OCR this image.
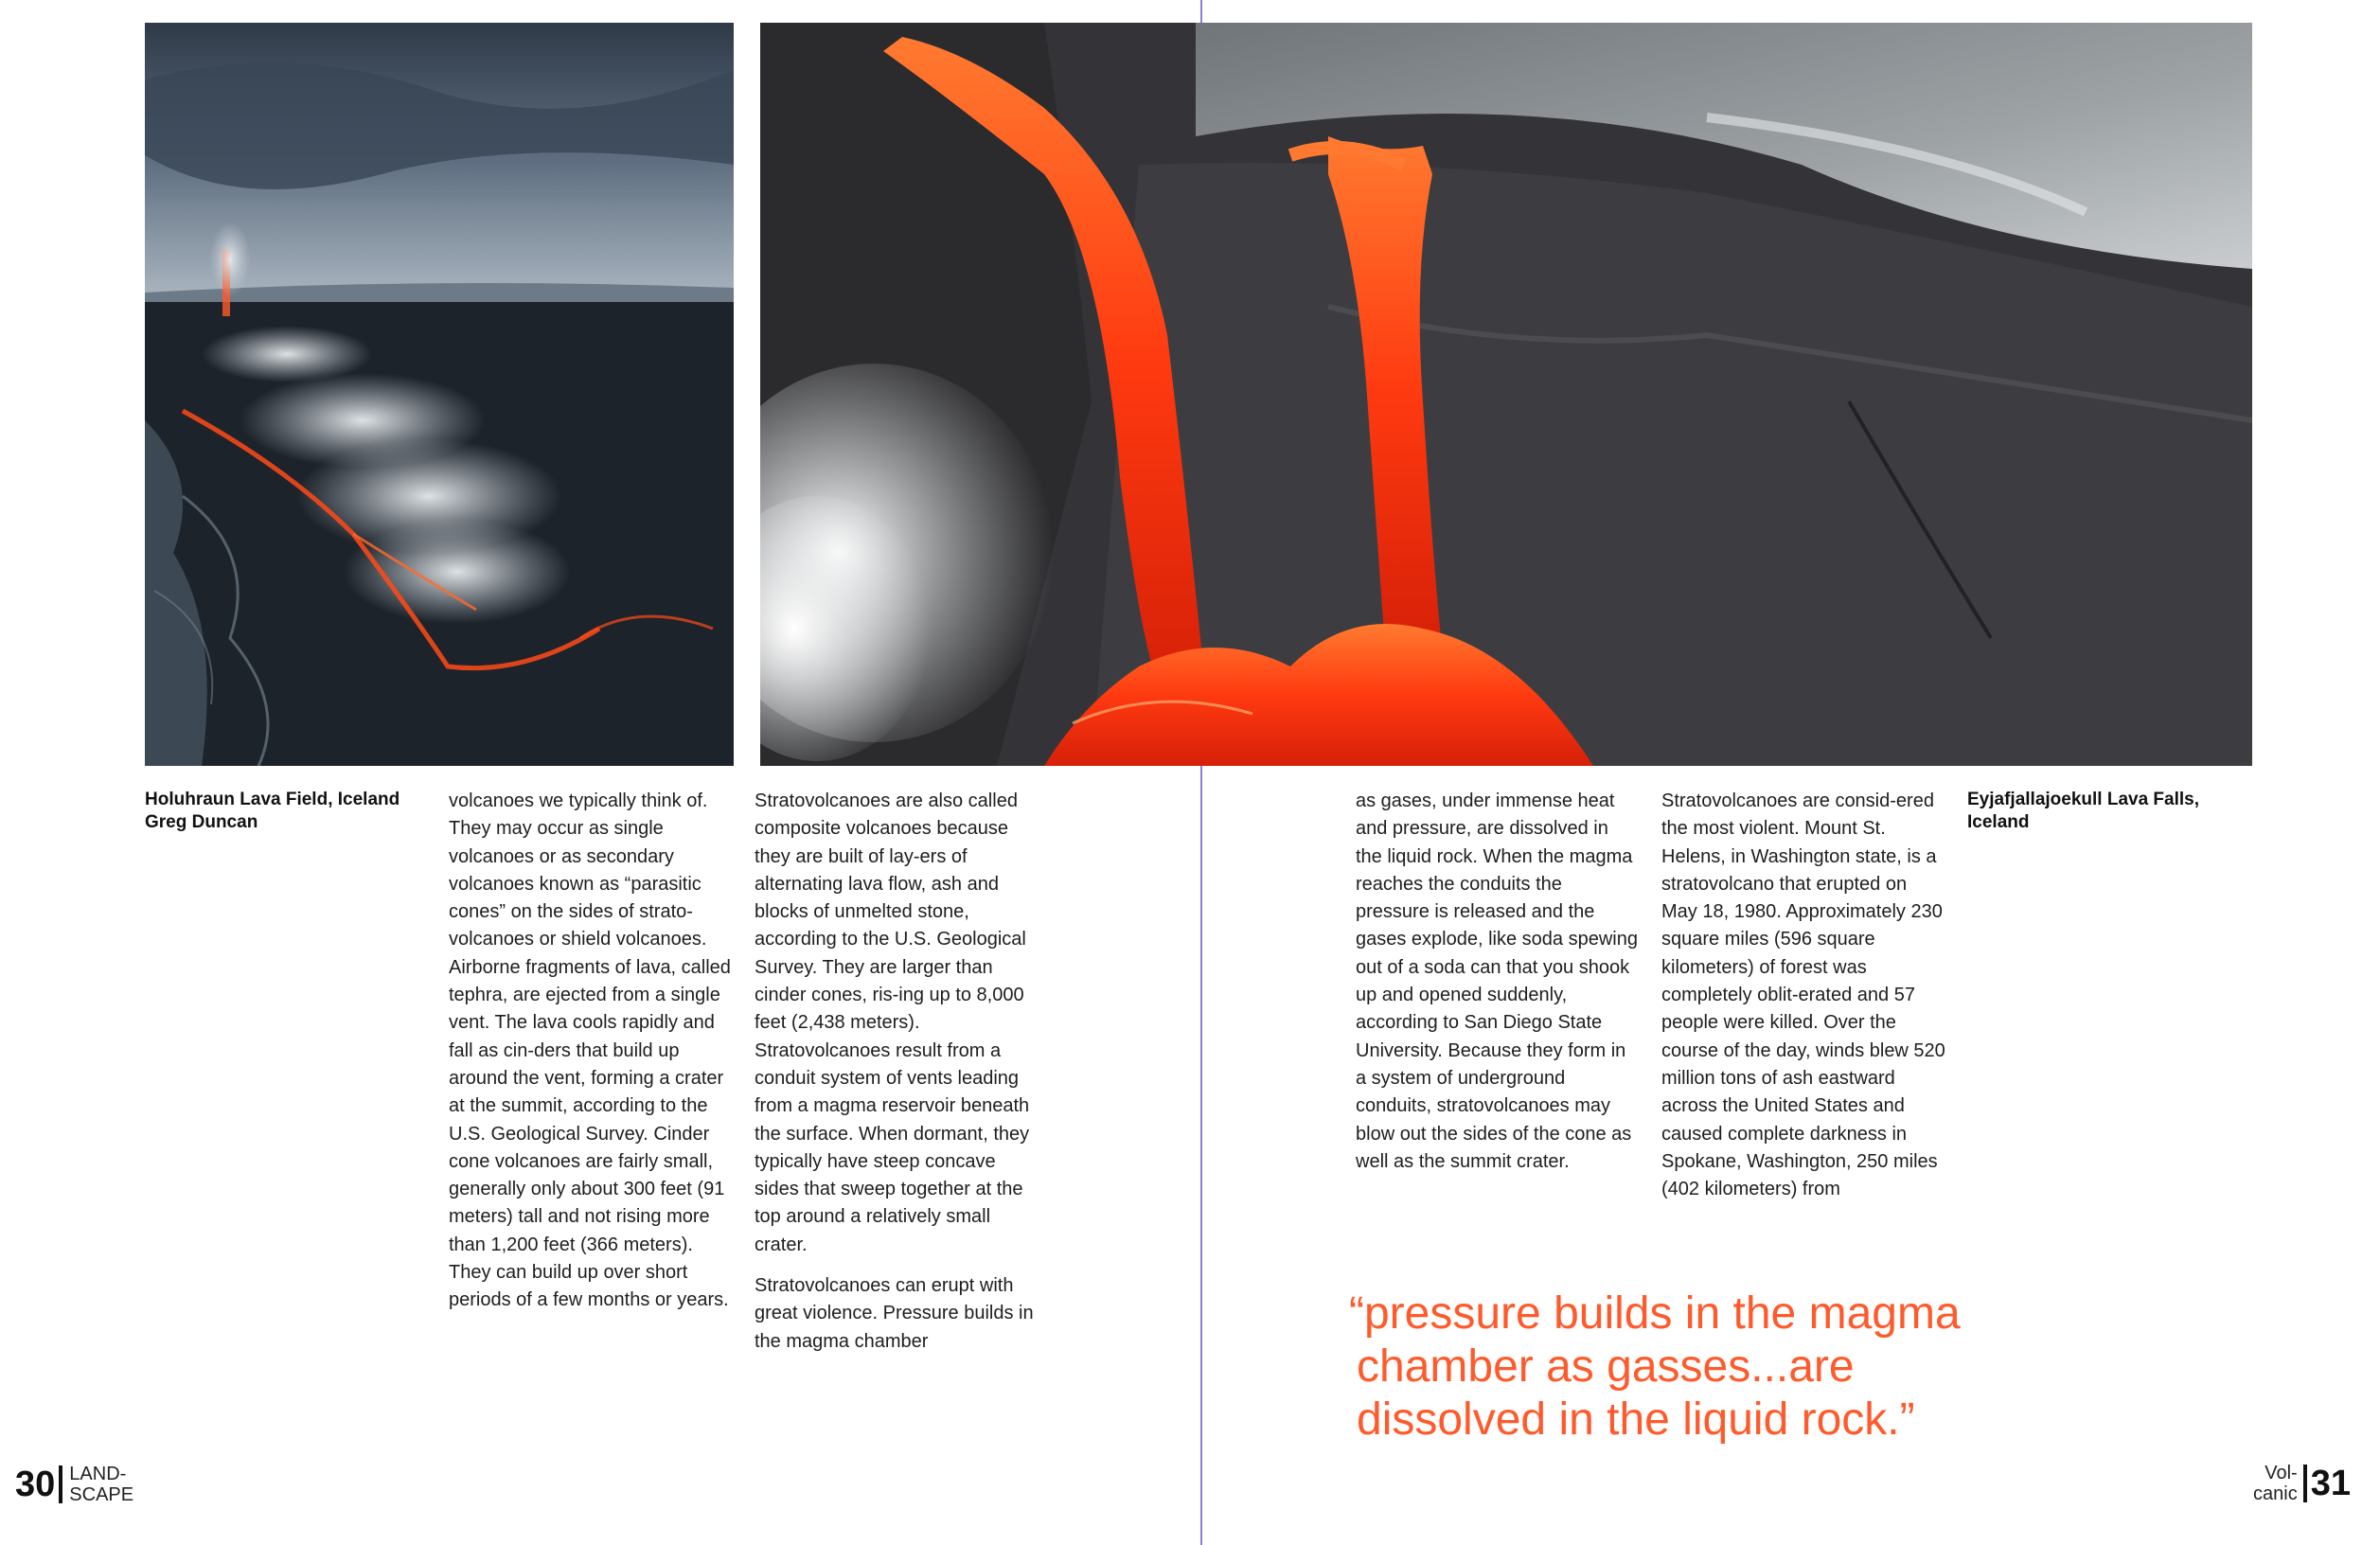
Holuhraun Lava Field, Iceland
Greg Duncan

volcanoes we typically think of. They may occur as single volcanoes or as secondary volcanoes known as “parasitic cones” on the sides of strato-volcanoes or shield volcanoes. Airborne fragments of lava, called tephra, are ejected from a single vent. The lava cools rapidly and fall as cin-ders that build up around the vent, forming a crater at the summit, according to the U.S. Geological Survey. Cinder cone volcanoes are fairly small, generally only about 300 feet (91 meters) tall and not rising more than 1,200 feet (366 meters). They can build up over short periods of a few months or years.

Stratovolcanoes are also called composite volcanoes because they are built of lay-ers of alternating lava flow, ash and blocks of unmelted stone, according to the U.S. Geological Survey. They are larger than cinder cones, ris-ing up to 8,000 feet (2,438 meters). Stratovolcanoes result from a conduit system of vents leading from a magma reservoir beneath the surface. When dormant, they typically have steep concave sides that sweep together at the top around a relatively small crater.

Stratovolcanoes can erupt with great violence. Pressure builds in the magma chamber

as gases, under immense heat and pressure, are dissolved in the liquid rock. When the magma reaches the conduits the pressure is released and the gases explode, like soda spewing out of a soda can that you shook up and opened suddenly, according to San Diego State University. Because they form in a system of underground conduits, stratovolcanoes may blow out the sides of the cone as well as the summit crater.

Stratovolcanoes are consid-ered the most violent. Mount St. Helens, in Washington state, is a stratovolcano that erupted on May 18, 1980. Approximately 230 square miles (596 square kilometers) of forest was completely oblit-erated and 57 people were killed. Over the course of the day, winds blew 520 million tons of ash eastward across the United States and caused complete darkness in Spokane, Washington, 250 miles (402 kilometers) from

Eyjafjallajoekull Lava Falls,
Iceland
“pressure builds in the magma
chamber as gasses...are
dissolved in the liquid rock.”
30		LAND-
SCAPE
Vol-
canic		31
